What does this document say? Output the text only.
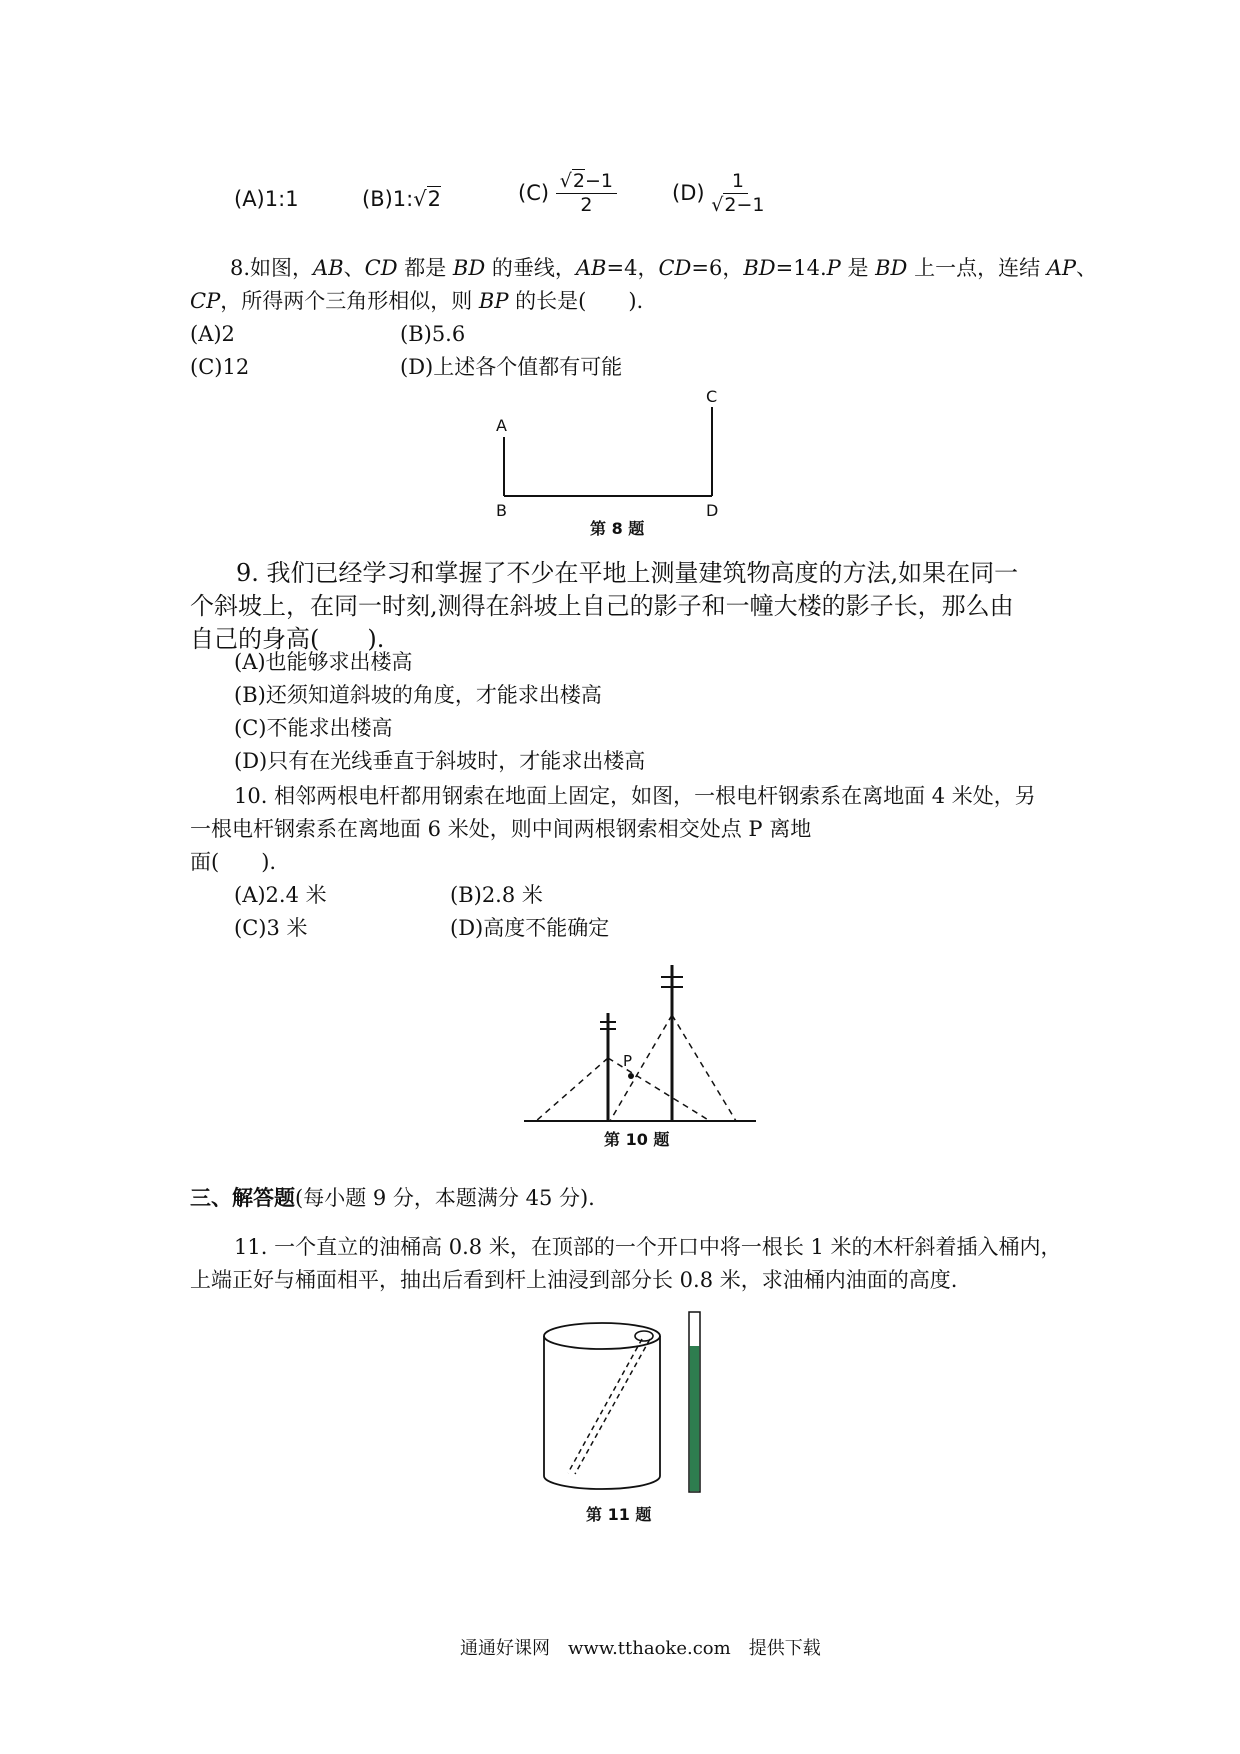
(A)1:1	(B)1:√2	$(C) \frac{√2-1}{2}$	$(D) \frac{1}{√2-1}$
8.如图，AB、CD 都是 BD 的垂线，AB=4，CD=6，BD=14.P 是 BD 上一点，连结 AP、
CP，所得两个三角形相似，则 BP 的长是(　　).
(A)2	(B)5.6
(C)12	(D)上述各个值都有可能
A
B
C
D
第 8 题
9. 我们已经学习和掌握了不少在平地上测量建筑物高度的方法,如果在同一
个斜坡上，在同一时刻,测得在斜坡上自己的影子和一幢大楼的影子长，那么由
自己的身高(　　).
(A)也能够求出楼高
(B)还须知道斜坡的角度，才能求出楼高
(C)不能求出楼高
(D)只有在光线垂直于斜坡时，才能求出楼高
10. 相邻两根电杆都用钢索在地面上固定，如图，一根电杆钢索系在离地面 4 米处，另
一根电杆钢索系在离地面 6 米处，则中间两根钢索相交处点 P 离地
面(　　).
(A)2.4 米	(B)2.8 米
(C)3 米	(D)高度不能确定
P
第 10 题
三、解答题(每小题 9 分，本题满分 45 分).
11. 一个直立的油桶高 0.8 米，在顶部的一个开口中将一根长 1 米的木杆斜着插入桶内，
上端正好与桶面相平，抽出后看到杆上油浸到部分长 0.8 米，求油桶内油面的高度.
第 11 题
通通好课网　www.tthaoke.com　提供下载
